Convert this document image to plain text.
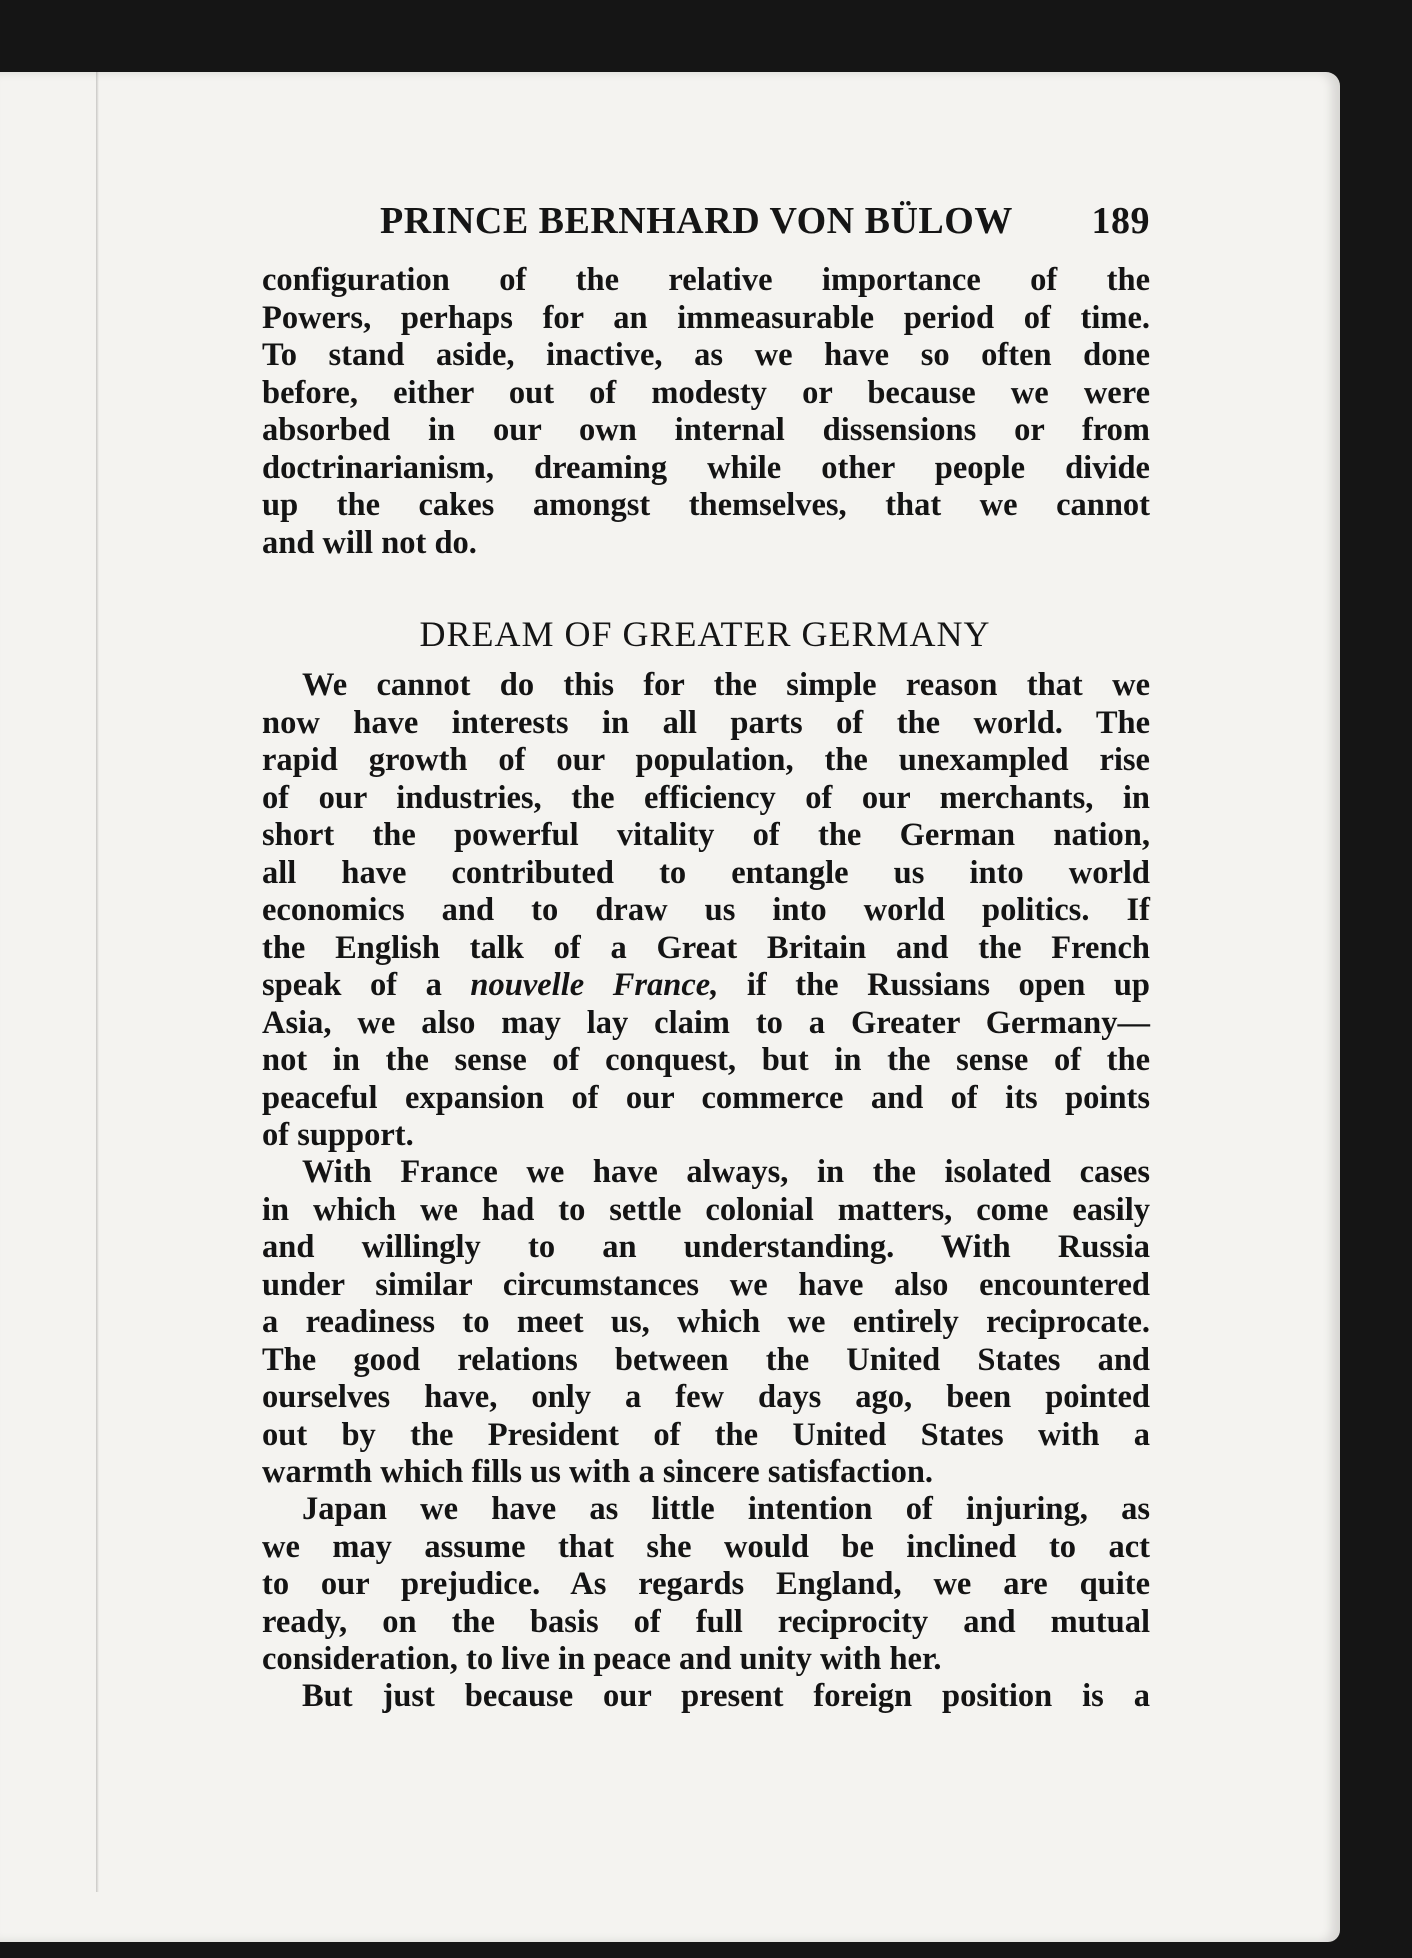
PRINCE BERNHARD VON BÜLOW 189
configuration of the relative importance of the
Powers, perhaps for an immeasurable period of time.
To stand aside, inactive, as we have so often done
before, either out of modesty or because we were
absorbed in our own internal dissensions or from
doctrinarianism, dreaming while other people divide
up the cakes amongst themselves, that we cannot
and will not do.
DREAM OF GREATER GERMANY
We cannot do this for the simple reason that we
now have interests in all parts of the world. The
rapid growth of our population, the unexampled rise
of our industries, the efficiency of our merchants, in
short the powerful vitality of the German nation,
all have contributed to entangle us into world
economics and to draw us into world politics. If
the English talk of a Great Britain and the French
speak of a nouvelle France, if the Russians open up
Asia, we also may lay claim to a Greater Germany—
not in the sense of conquest, but in the sense of the
peaceful expansion of our commerce and of its points
of support.
With France we have always, in the isolated cases
in which we had to settle colonial matters, come easily
and willingly to an understanding. With Russia
under similar circumstances we have also encountered
a readiness to meet us, which we entirely reciprocate.
The good relations between the United States and
ourselves have, only a few days ago, been pointed
out by the President of the United States with a
warmth which fills us with a sincere satisfaction.
Japan we have as little intention of injuring, as
we may assume that she would be inclined to act
to our prejudice. As regards England, we are quite
ready, on the basis of full reciprocity and mutual
consideration, to live in peace and unity with her.
But just because our present foreign position is a
